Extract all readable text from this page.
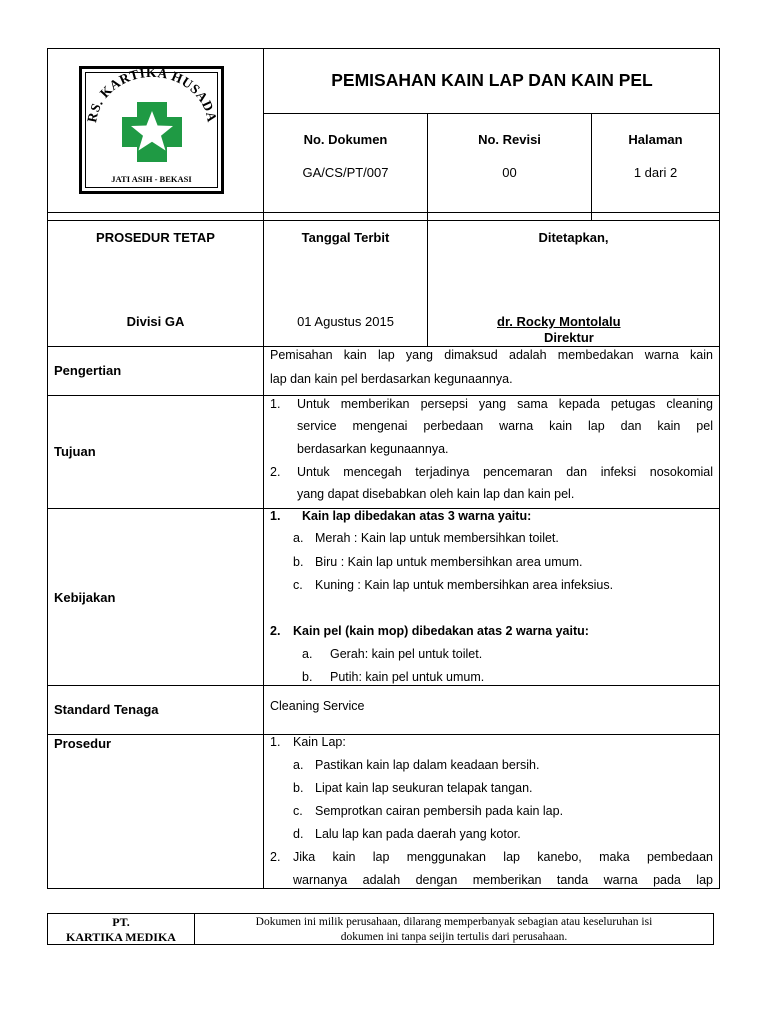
RS. KARTIKA HUSADA
JATI ASIH - BEKASI
PEMISAHAN KAIN LAP DAN KAIN PEL
No. Dokumen
GA/CS/PT/007
No. Revisi
00
Halaman
1 dari 2
PROSEDUR TETAP
Divisi GA
Tanggal Terbit
01 Agustus 2015
Ditetapkan,
dr. Rocky Montolalu
Direktur
Pengertian
Pemisahan kain lap yang dimaksud adalah membedakan warna kain
lap dan kain pel berdasarkan kegunaannya.
Tujuan
1. Untuk memberikan persepsi yang sama kepada petugas cleaning
service mengenai perbedaan warna kain lap dan kain pel
berdasarkan kegunaannya.
2. Untuk mencegah terjadinya pencemaran dan infeksi nosokomial
yang dapat disebabkan oleh kain lap dan kain pel.
Kebijakan
1. Kain lap dibedakan atas 3 warna yaitu:
a. Merah : Kain lap untuk membersihkan toilet.
b. Biru : Kain lap untuk membersihkan area umum.
c. Kuning : Kain lap untuk membersihkan area infeksius.
2. Kain pel (kain mop) dibedakan atas 2 warna yaitu:
a. Gerah: kain pel untuk toilet.
b. Putih: kain pel untuk umum.
Standard Tenaga	Cleaning Service
Prosedur	1. Kain Lap:
a. Pastikan kain lap dalam keadaan bersih.
b. Lipat kain lap seukuran telapak tangan.
c. Semprotkan cairan pembersih pada kain lap.
d. Lalu lap kan pada daerah yang kotor.
2. Jika kain lap menggunakan lap kanebo, maka pembedaan
warnanya adalah dengan memberikan tanda warna pada lap
PT.
KARTIKA MEDIKA
Dokumen ini milik perusahaan, dilarang memperbanyak sebagian atau keseluruhan isi
dokumen ini tanpa seijin tertulis dari perusahaan.
